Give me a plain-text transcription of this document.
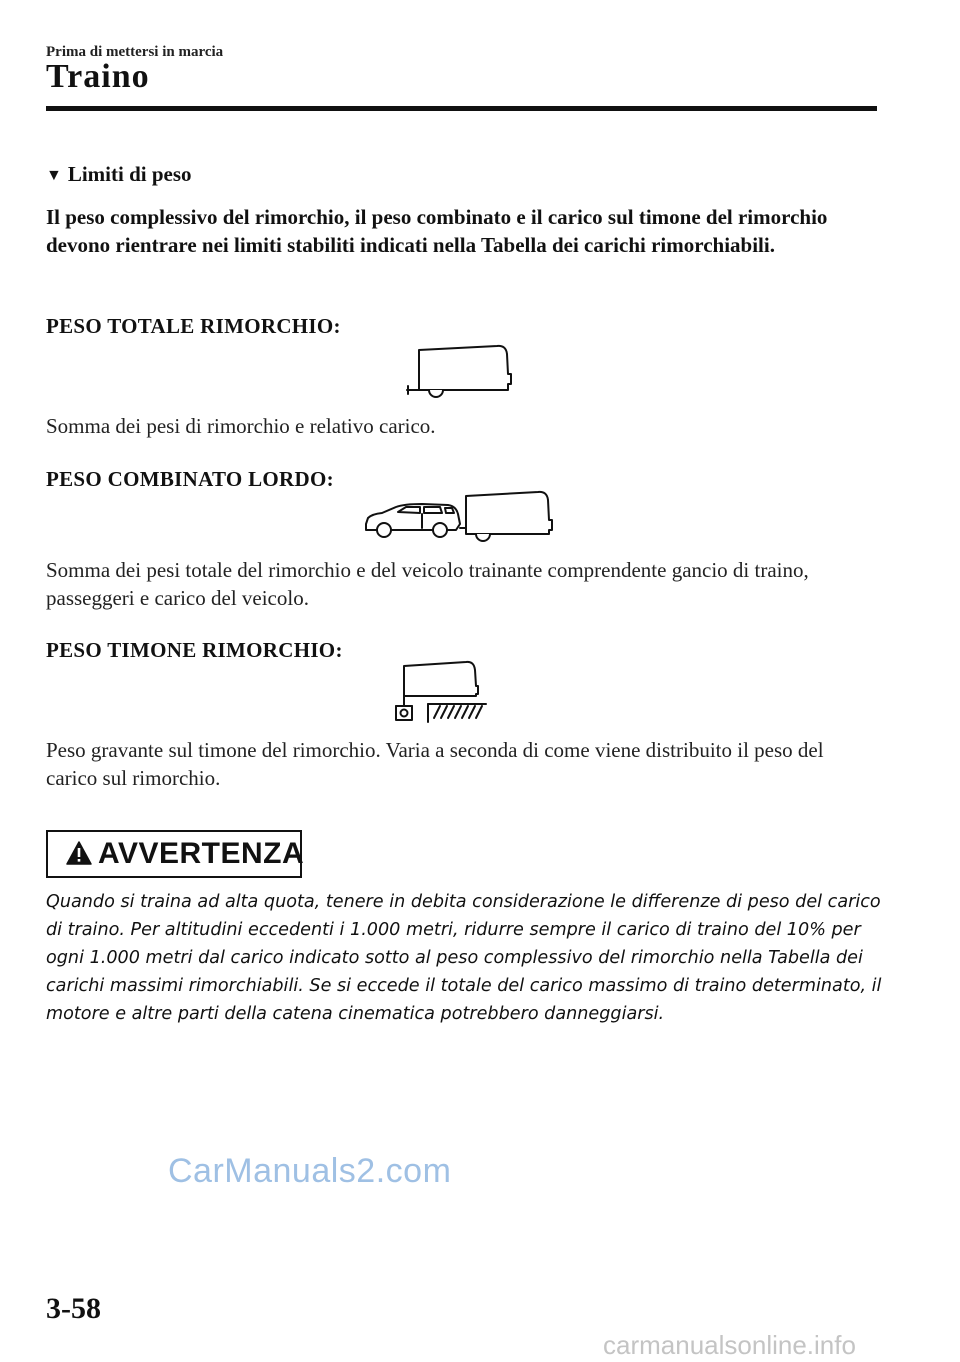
Prima di mettersi in marcia
Traino
▼ Limiti di peso
Il peso complessivo del rimorchio, il peso combinato e il carico sul timone del rimorchio devono rientrare nei limiti stabiliti indicati nella Tabella dei carichi rimorchiabili.
PESO TOTALE RIMORCHIO:
Somma dei pesi di rimorchio e relativo carico.
PESO COMBINATO LORDO:
Somma dei pesi totale del rimorchio e del veicolo trainante comprendente gancio di traino, passeggeri e carico del veicolo.
PESO TIMONE RIMORCHIO:
Peso gravante sul timone del rimorchio. Varia a seconda di come viene distribuito il peso del carico sul rimorchio.
AVVERTENZA
Quando si traina ad alta quota, tenere in debita considerazione le differenze di peso del carico di traino. Per altitudini eccedenti i 1.000 metri, ridurre sempre il carico di traino del 10% per ogni 1.000 metri dal carico indicato sotto al peso complessivo del rimorchio nella Tabella dei carichi massimi rimorchiabili. Se si eccede il totale del carico massimo di traino determinato, il motore e altre parti della catena cinematica potrebbero danneggiarsi.
CarManuals2.com
3-58
carmanualsonline.info
